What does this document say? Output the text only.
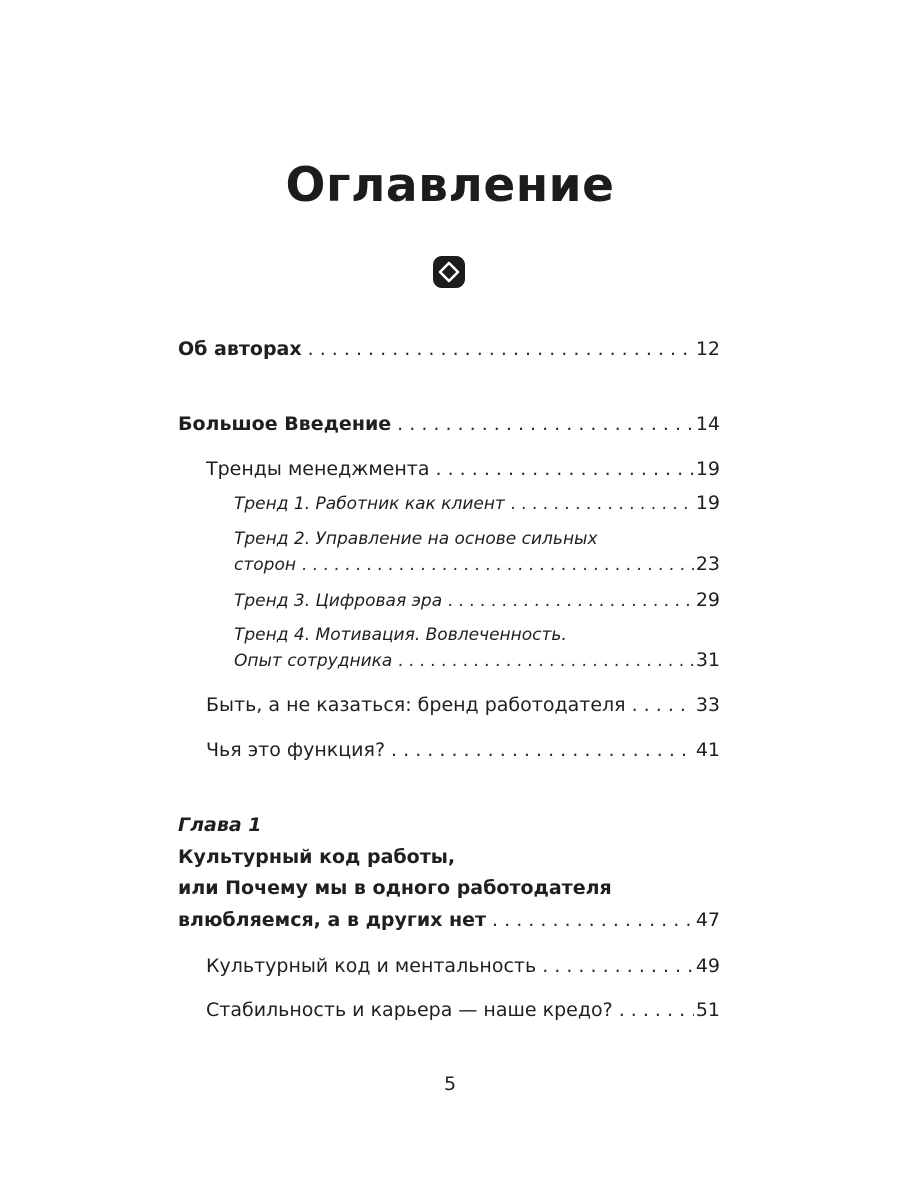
Оглавление
Об авторах . . .	12
Большое Введение . . .	14
Тренды менеджмента . . .	19
Тренд 1. Работник как клиент . . .	19
Тренд 2. Управление на основе сильных
сторон . . .	23
Тренд 3. Цифровая эра . . .	29
Тренд 4. Мотивация. Вовлеченность.
Опыт сотрудника . . .	31
Быть, а не казаться: бренд работодателя . . .	33
Чья это функция? . . .	41
Глава 1
Культурный код работы,
или Почему мы в одного работодателя
влюбляемся, а в других нет . . .	47
Культурный код и ментальность . . .	49
Стабильность и карьера — наше кредо? . . .	51
5
